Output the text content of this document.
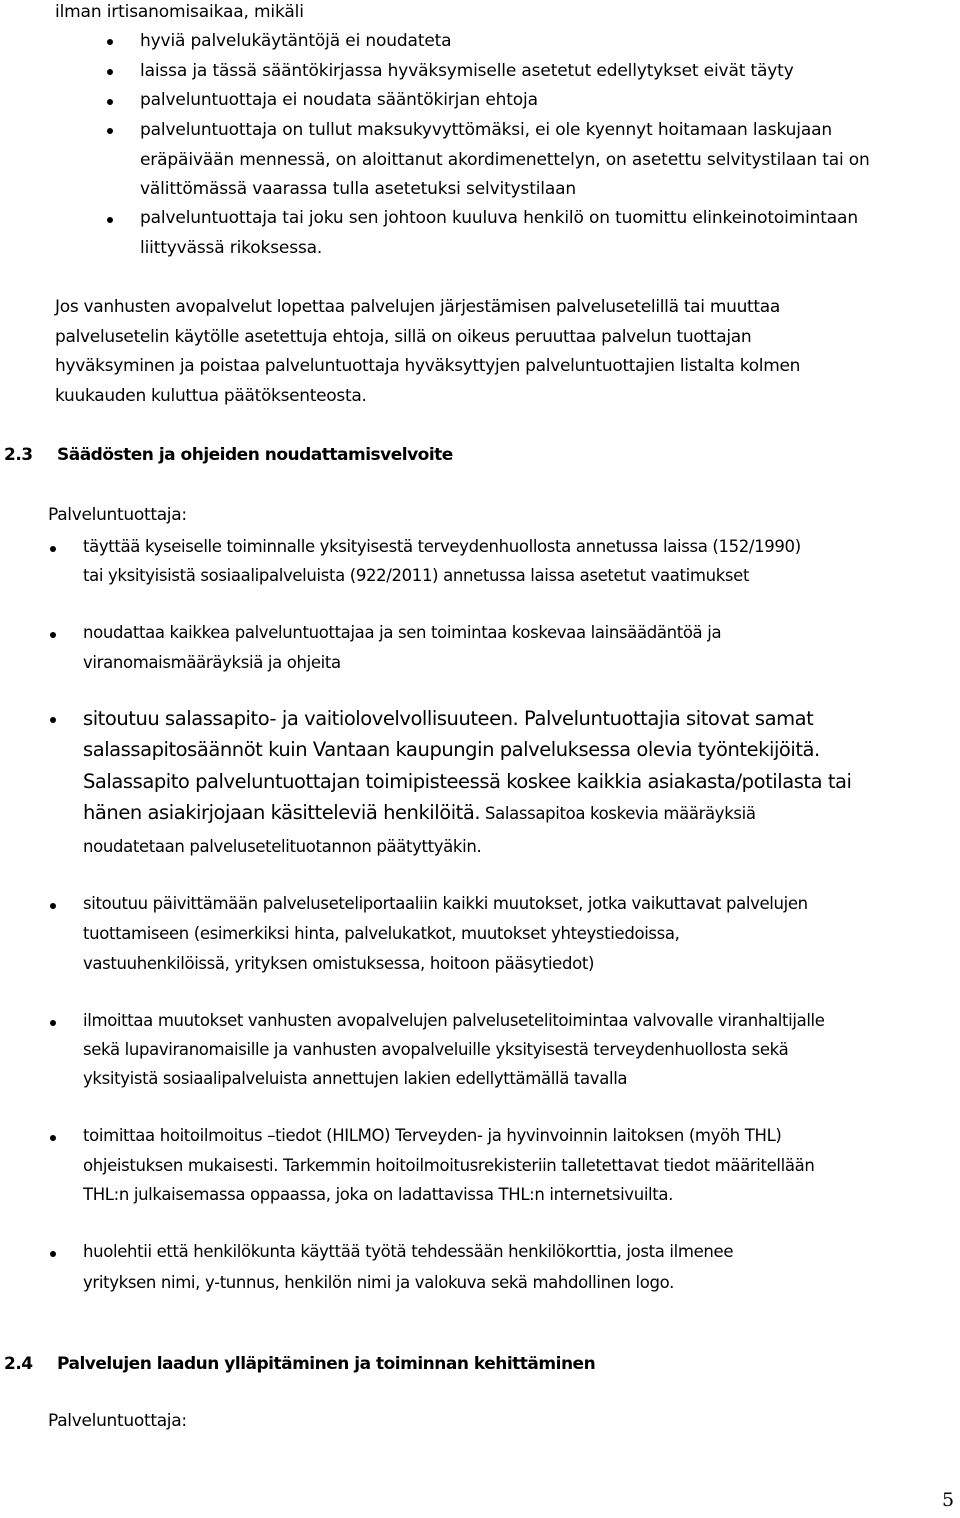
ilman irtisanomisaikaa, mikäli
hyviä palvelukäytäntöjä ei noudateta
laissa ja tässä sääntökirjassa hyväksymiselle asetetut edellytykset eivät täyty
palveluntuottaja ei noudata sääntökirjan ehtoja
palveluntuottaja on tullut maksukyvyttömäksi, ei ole kyennyt hoitamaan laskujaan
eräpäivään mennessä, on aloittanut akordimenettelyn, on asetettu selvitystilaan tai on
välittömässä vaarassa tulla asetetuksi selvitystilaan
palveluntuottaja tai joku sen johtoon kuuluva henkilö on tuomittu elinkeinotoimintaan
liittyvässä rikoksessa.
Jos vanhusten avopalvelut lopettaa palvelujen järjestämisen palvelusetelillä tai muuttaa
palvelusetelin käytölle asetettuja ehtoja, sillä on oikeus peruuttaa palvelun tuottajan
hyväksyminen ja poistaa palveluntuottaja hyväksyttyjen palveluntuottajien listalta kolmen
kuukauden kuluttua päätöksenteosta.
2.3 Säädösten ja ohjeiden noudattamisvelvoite
Palveluntuottaja:
täyttää kyseiselle toiminnalle yksityisestä terveydenhuollosta annetussa laissa (152/1990)
tai yksityisistä sosiaalipalveluista (922/2011) annetussa laissa asetetut vaatimukset
noudattaa kaikkea palveluntuottajaa ja sen toimintaa koskevaa lainsäädäntöä ja
viranomaismääräyksiä ja ohjeita
sitoutuu salassapito- ja vaitiolovelvollisuuteen. Palveluntuottajia sitovat samat
salassapitosäännöt kuin Vantaan kaupungin palveluksessa olevia työntekijöitä.
Salassapito palveluntuottajan toimipisteessä koskee kaikkia asiakasta/potilasta tai
hänen asiakirjojaan käsitteleviä henkilöitä. Salassapitoa koskevia määräyksiä
noudatetaan palvelusetelituotannon päätyttyäkin.
sitoutuu päivittämään palveluseteliportaaliin kaikki muutokset, jotka vaikuttavat palvelujen
tuottamiseen (esimerkiksi hinta, palvelukatkot, muutokset yhteystiedoissa,
vastuuhenkilöissä, yrityksen omistuksessa, hoitoon pääsytiedot)
ilmoittaa muutokset vanhusten avopalvelujen palvelusetelitoimintaa valvovalle viranhaltijalle
sekä lupaviranomaisille ja vanhusten avopalveluille yksityisestä terveydenhuollosta sekä
yksityistä sosiaalipalveluista annettujen lakien edellyttämällä tavalla
toimittaa hoitoilmoitus –tiedot (HILMO) Terveyden- ja hyvinvoinnin laitoksen (myöh THL)
ohjeistuksen mukaisesti. Tarkemmin hoitoilmoitusrekisteriin talletettavat tiedot määritellään
THL:n julkaisemassa oppaassa, joka on ladattavissa THL:n internetsivuilta.
huolehtii että henkilökunta käyttää työtä tehdessään henkilökorttia, josta ilmenee
yrityksen nimi, y-tunnus, henkilön nimi ja valokuva sekä mahdollinen logo.
2.4 Palvelujen laadun ylläpitäminen ja toiminnan kehittäminen
Palveluntuottaja:
5
